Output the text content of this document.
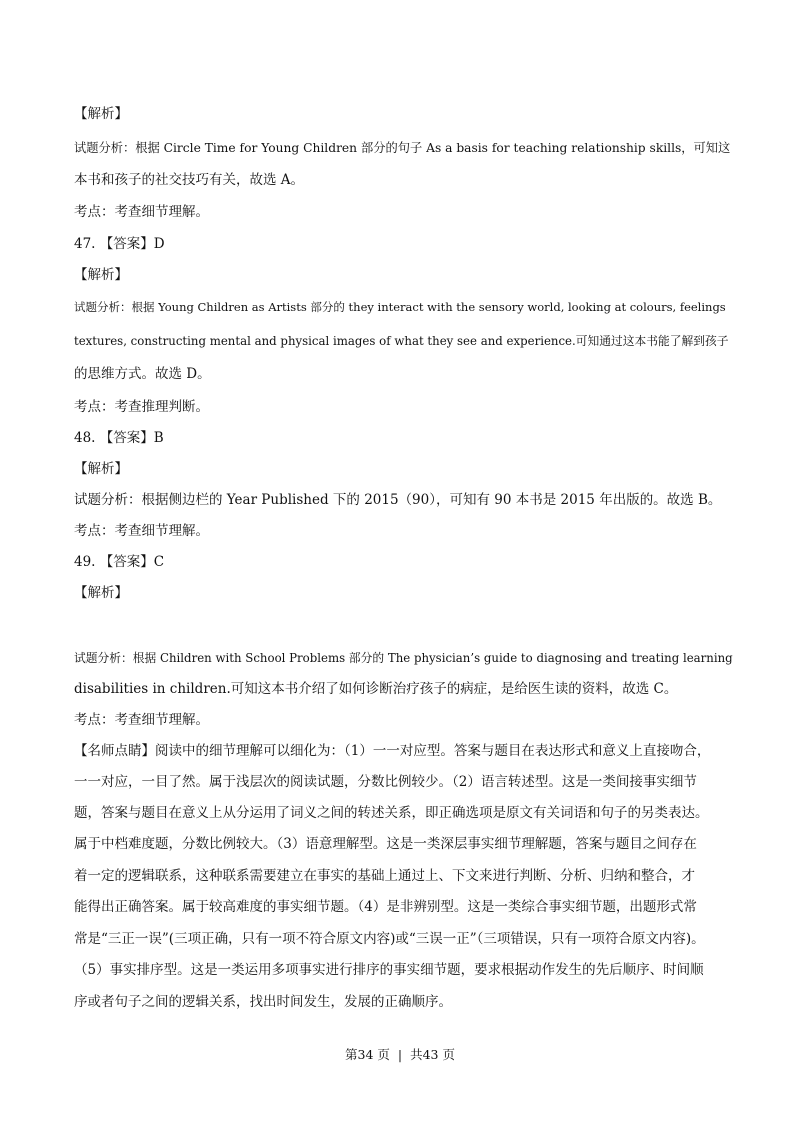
【解析】
试题分析：根据 Circle Time for Young Children 部分的句子 As a basis for teaching relationship skills，可知这
本书和孩子的社交技巧有关，故选 A。
考点：考查细节理解。
47. 【答案】D
【解析】
试题分析：根据 Young Children as Artists 部分的 they interact with the sensory world, looking at colours, feelings
textures, constructing mental and physical images of what they see and experience.可知通过这本书能了解到孩子
的思维方式。故选 D。
考点：考查推理判断。
48. 【答案】B
【解析】
试题分析：根据侧边栏的 Year Published 下的 2015（90），可知有 90 本书是 2015 年出版的。故选 B。
考点：考查细节理解。
49. 【答案】C
【解析】
试题分析：根据 Children with School Problems 部分的 The physician’s guide to diagnosing and treating learning
disabilities in children.可知这本书介绍了如何诊断治疗孩子的病症，是给医生读的资料，故选 C。
考点：考查细节理解。
【名师点睛】阅读中的细节理解可以细化为：（1）一一对应型。答案与题目在表达形式和意义上直接吻合，
一一对应，一目了然。属于浅层次的阅读试题，分数比例较少。（2）语言转述型。这是一类间接事实细节
题，答案与题目在意义上从分运用了词义之间的转述关系，即正确选项是原文有关词语和句子的另类表达。
属于中档难度题，分数比例较大。（3）语意理解型。这是一类深层事实细节理解题，答案与题目之间存在
着一定的逻辑联系，这种联系需要建立在事实的基础上通过上、下文来进行判断、分析、归纳和整合，才
能得出正确答案。属于较高难度的事实细节题。（4）是非辨别型。这是一类综合事实细节题，出题形式常
常是“三正一误”(三项正确，只有一项不符合原文内容)或“三误一正”（三项错误，只有一项符合原文内容)。
（5）事实排序型。这是一类运用多项事实进行排序的事实细节题，要求根据动作发生的先后顺序、时间顺
序或者句子之间的逻辑关系，找出时间发生，发展的正确顺序。
第34 页 | 共43 页
